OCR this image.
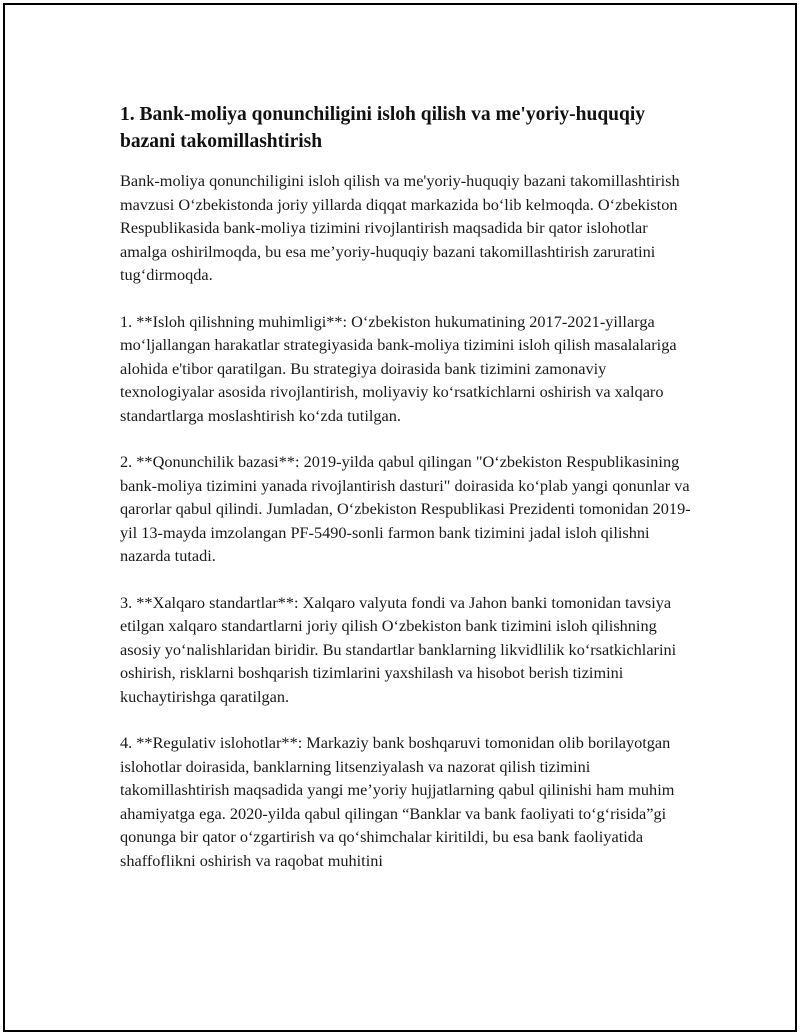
1. Bank-moliya qonunchiligini isloh qilish va me'yoriy-huquqiy bazani takomillashtirish

Bank-moliya qonunchiligini isloh qilish va me'yoriy-huquqiy bazani takomillashtirish mavzusi O‘zbekistonda joriy yillarda diqqat markazida bo‘lib kelmoqda. O‘zbekiston Respublikasida bank-moliya tizimini rivojlantirish maqsadida bir qator islohotlar amalga oshirilmoqda, bu esa me’yoriy-huquqiy bazani takomillashtirish zaruratini tug‘dirmoqda.

1. **Isloh qilishning muhimligi**: O‘zbekiston hukumatining 2017-2021-yillarga mo‘ljallangan harakatlar strategiyasida bank-moliya tizimini isloh qilish masalalariga alohida e'tibor qaratilgan. Bu strategiya doirasida bank tizimini zamonaviy texnologiyalar asosida rivojlantirish, moliyaviy ko‘rsatkichlarni oshirish va xalqaro standartlarga moslashtirish ko‘zda tutilgan.

2. **Qonunchilik bazasi**: 2019-yilda qabul qilingan "O‘zbekiston Respublikasining bank-moliya tizimini yanada rivojlantirish dasturi" doirasida ko‘plab yangi qonunlar va qarorlar qabul qilindi. Jumladan, O‘zbekiston Respublikasi Prezidenti tomonidan 2019-yil 13-mayda imzolangan PF-5490-sonli farmon bank tizimini jadal isloh qilishni nazarda tutadi.

3. **Xalqaro standartlar**: Xalqaro valyuta fondi va Jahon banki tomonidan tavsiya etilgan xalqaro standartlarni joriy qilish O‘zbekiston bank tizimini isloh qilishning asosiy yo‘nalishlaridan biridir. Bu standartlar banklarning likvidlilik ko‘rsatkichlarini oshirish, risklarni boshqarish tizimlarini yaxshilash va hisobot berish tizimini kuchaytirishga qaratilgan.

4. **Regulativ islohotlar**: Markaziy bank boshqaruvi tomonidan olib borilayotgan islohotlar doirasida, banklarning litsenziyalash va nazorat qilish tizimini takomillashtirish maqsadida yangi me’yoriy hujjatlarning qabul qilinishi ham muhim ahamiyatga ega. 2020-yilda qabul qilingan “Banklar va bank faoliyati to‘g‘risida”gi qonunga bir qator o‘zgartirish va qo‘shimchalar kiritildi, bu esa bank faoliyatida shaffoflikni oshirish va raqobat muhitini
